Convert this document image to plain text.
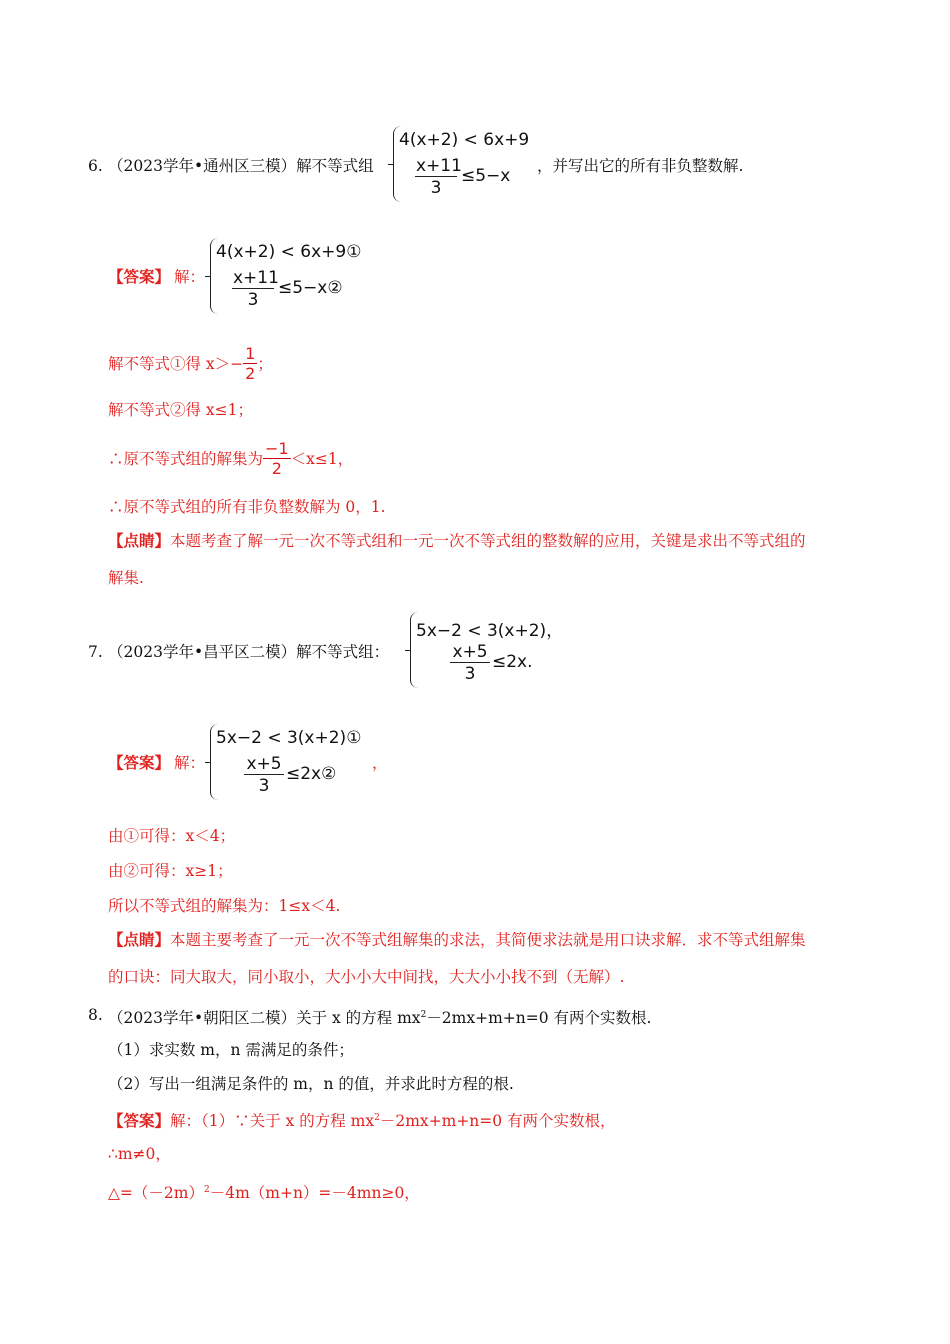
6. （2023学年•通州区三模）解不等式组
4(x+2) < 6x+9
$\frac{x+11}{3} \le 5-x$ ，并写出它的所有非负整数解.
【答案】 解：
4(x+2) < 6x+9①
$\frac{x+11}{3}$ ≤5−x②
解不等式①得 $x>- \frac{1}{2}$ ；
解不等式②得 x≤1；
∴原不等式组的解集为 $\frac{-1}{2} <x\le 1$，
∴原不等式组的所有非负整数解为 0，1.
【点睛】本题考查了解一元一次不等式组和一元一次不等式组的整数解的应用，关键是求出不等式组的
解集.
7. （2023学年•昌平区二模）解不等式组：
5x−2 < 3(x+2)，
$\frac{x+5}{3} \le 2x$.
【答案】 解：
5x−2 < 3(x+2)①
$\frac{x+5}{3}$ ≤2x②
，
由①可得：x＜4；
由②可得：x≥1；
所以不等式组的解集为：1≤x＜4.
【点睛】本题主要考查了一元一次不等式组解集的求法，其简便求法就是用口诀求解．求不等式组解集
的口诀：同大取大，同小取小，大小小大中间找，大大小小找不到（无解）.
8. （2023学年•朝阳区二模）关于 x 的方程 $mx^2-2mx+m+n=0$ 有两个实数根.
（1）求实数 m，n 需满足的条件；
（2）写出一组满足条件的 m，n 的值，并求此时方程的根.
【答案】解：（1）∵关于 x 的方程 $mx^2-2mx+m+n=0$ 有两个实数根，
∴m≠0，
$\triangle=(-2m)^2-4m(m+n)=-4mn\ge 0$，
